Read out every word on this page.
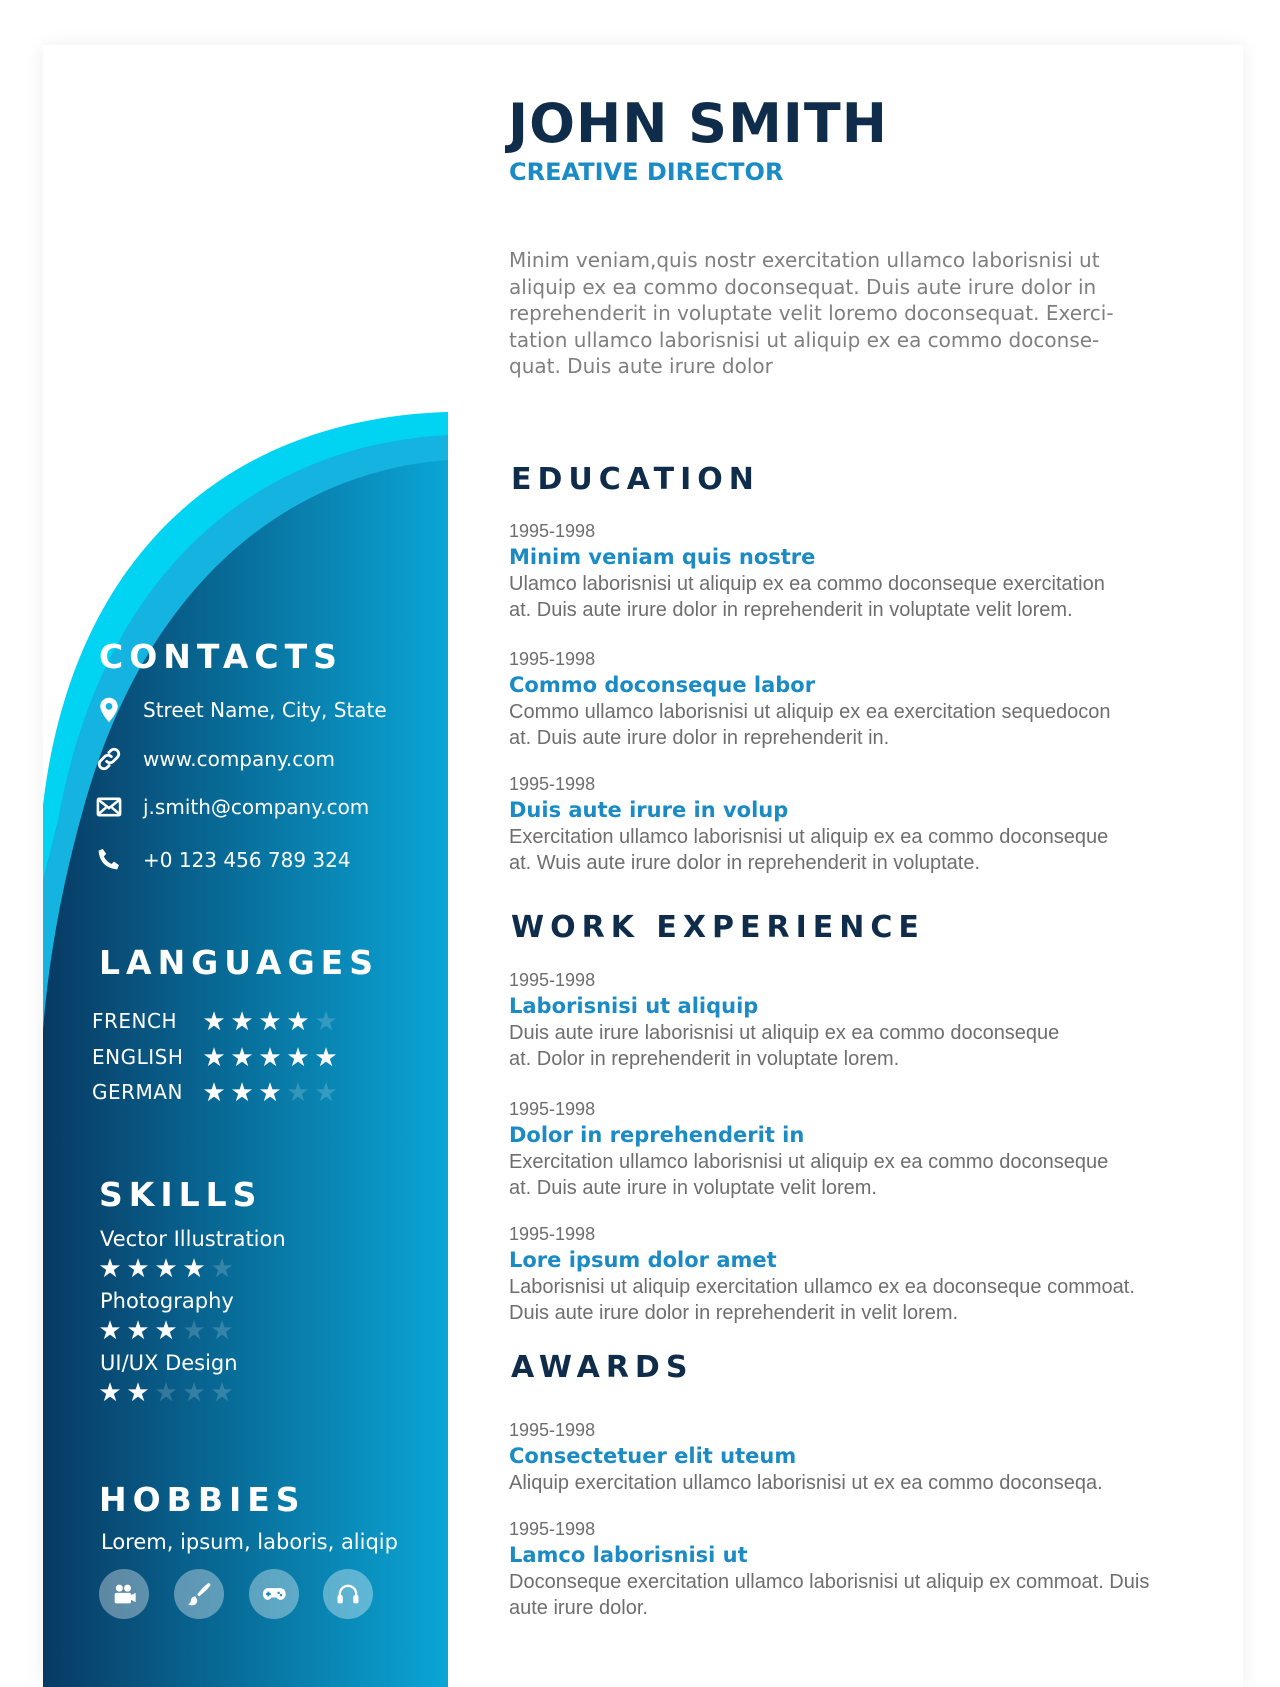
CONTACTS
Street Name, City, State
www.company.com
j.smith@company.com
+0 123 456 789 324
LANGUAGES
FRENCH ★ ★ ★ ★ ★
ENGLISH ★ ★ ★ ★ ★
GERMAN ★ ★ ★ ★ ★
SKILLS
Vector Illustration
★ ★ ★ ★ ★
Photography
★ ★ ★ ★ ★
UI/UX Design
★ ★ ★ ★ ★
HOBBIES
Lorem, ipsum, laboris, aliqip
JOHN SMITH
CREATIVE DIRECTOR
Minim veniam,quis nostr exercitation ullamco laborisnisi ut
aliquip ex ea commo doconsequat. Duis aute irure dolor in
reprehenderit in voluptate velit loremo doconsequat. Exerci-
tation ullamco laborisnisi ut aliquip ex ea commo doconse-
quat. Duis aute irure dolor
EDUCATION
WORK EXPERIENCE
AWARDS
1995-1998
Minim veniam quis nostre
Ulamco laborisnisi ut aliquip ex ea commo doconseque exercitation
at. Duis aute irure dolor in reprehenderit in voluptate velit lorem.
1995-1998
Commo doconseque labor
Commo ullamco laborisnisi ut aliquip ex ea exercitation sequedocon
at. Duis aute irure dolor in reprehenderit in.
1995-1998
Duis aute irure in volup
Exercitation ullamco laborisnisi ut aliquip ex ea commo doconseque
at. Wuis aute irure dolor in reprehenderit in voluptate.
1995-1998
Laborisnisi ut aliquip
Duis aute irure laborisnisi ut aliquip ex ea commo doconseque
at. Dolor in reprehenderit in voluptate lorem.
1995-1998
Dolor in reprehenderit in
Exercitation ullamco laborisnisi ut aliquip ex ea commo doconseque
at. Duis aute irure in voluptate velit lorem.
1995-1998
Lore ipsum dolor amet
Laborisnisi ut aliquip exercitation ullamco ex ea doconseque commoat.
Duis aute irure dolor in reprehenderit in velit lorem.
1995-1998
Consectetuer elit uteum
Aliquip exercitation ullamco laborisnisi ut ex ea commo doconseqa.
1995-1998
Lamco laborisnisi ut
Doconseque exercitation ullamco laborisnisi ut aliquip ex commoat. Duis
aute irure dolor.
